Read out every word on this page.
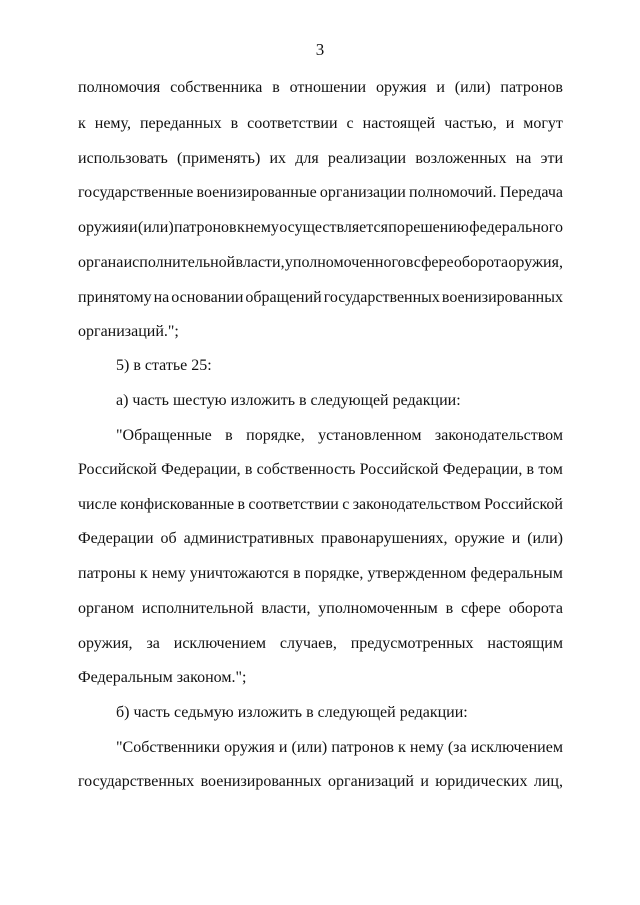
3
полномочия собственника в отношении оружия и (или) патронов
к нему, переданных в соответствии с настоящей частью, и могут
использовать (применять) их для реализации возложенных на эти
государственные военизированные организации полномочий. Передача
оружия и (или) патронов к нему осуществляется по решению федерального
органа исполнительной власти, уполномоченного в сфере оборота оружия,
принятому на основании обращений государственных военизированных
организаций.";
5) в статье 25:
а) часть шестую изложить в следующей редакции:
"Обращенные в порядке, установленном законодательством
Российской Федерации, в собственность Российской Федерации, в том
числе конфискованные в соответствии с законодательством Российской
Федерации об административных правонарушениях, оружие и (или)
патроны к нему уничтожаются в порядке, утвержденном федеральным
органом исполнительной власти, уполномоченным в сфере оборота
оружия, за исключением случаев, предусмотренных настоящим
Федеральным законом.";
б) часть седьмую изложить в следующей редакции:
"Собственники оружия и (или) патронов к нему (за исключением
государственных военизированных организаций и юридических лиц,
